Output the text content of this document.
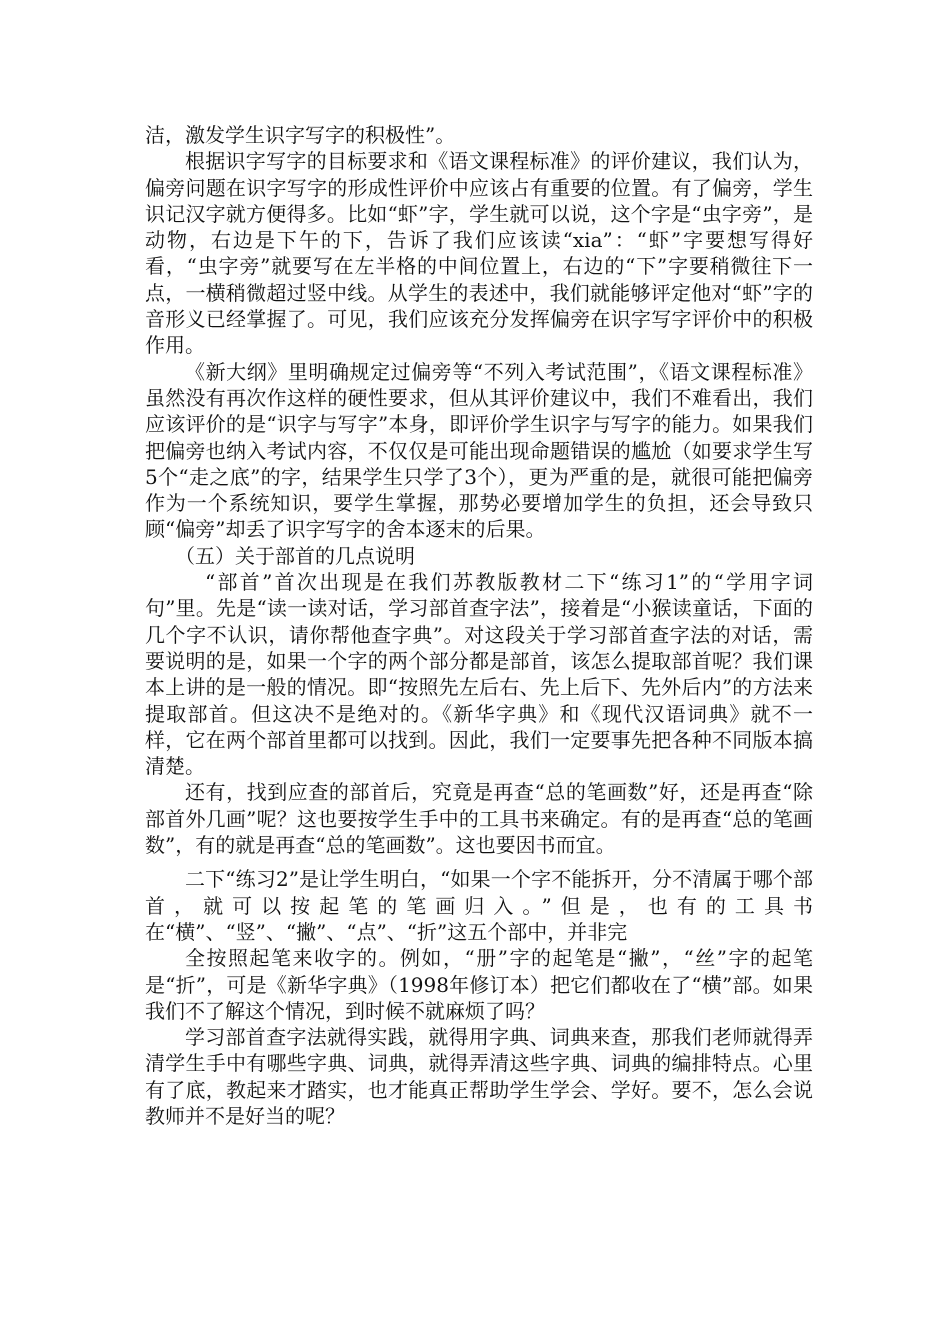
洁，激发学生识字写字的积极性”。

根据识字写字的目标要求和《语文课程标准》的评价建议，我们认为，偏旁问题在识字写字的形成性评价中应该占有重要的位置。有了偏旁，学生识记汉字就方便得多。比如“虾”字，学生就可以说，这个字是“虫字旁”，是动物，右边是下午的下，告诉了我们应该读“xia”：“虾”字要想写得好看，“虫字旁”就要写在左半格的中间位置上，右边的“下”字要稍微往下一点，一横稍微超过竖中线。从学生的表述中，我们就能够评定他对“虾”字的音形义已经掌握了。可见，我们应该充分发挥偏旁在识字写字评价中的积极作用。

《新大纲》里明确规定过偏旁等“不列入考试范围”，《语文课程标准》虽然没有再次作这样的硬性要求，但从其评价建议中，我们不难看出，我们应该评价的是“识字与写字”本身，即评价学生识字与写字的能力。如果我们把偏旁也纳入考试内容，不仅仅是可能出现命题错误的尴尬（如要求学生写5个“走之底”的字，结果学生只学了3个），更为严重的是，就很可能把偏旁作为一个系统知识，要学生掌握，那势必要增加学生的负担，还会导致只顾“偏旁”却丢了识字写字的舍本逐末的后果。

（五）关于部首的几点说明

“部首”首次出现是在我们苏教版教材二下“练习1”的“学用字词句”里。先是“读一读对话，学习部首查字法”，接着是“小猴读童话，下面的几个字不认识，请你帮他查字典”。对这段关于学习部首查字法的对话，需要说明的是，如果一个字的两个部分都是部首，该怎么提取部首呢？我们课本上讲的是一般的情况。即“按照先左后右、先上后下、先外后内”的方法来提取部首。但这决不是绝对的。《新华字典》和《现代汉语词典》就不一样，它在两个部首里都可以找到。因此，我们一定要事先把各种不同版本搞清楚。

还有，找到应查的部首后，究竟是再查“总的笔画数”好，还是再查“除部首外几画”呢？这也要按学生手中的工具书来确定。有的是再查“总的笔画数”，有的就是再查“总的笔画数”。这也要因书而宜。

二下“练习2”是让学生明白，“如果一个字不能拆开，分不清属于哪个部首，就可以按起笔的笔画归入。”但是，也有的工具书在“横”、“竖”、“撇”、“点”、“折”这五个部中，并非完

全按照起笔来收字的。例如，“册”字的起笔是“撇”，“丝”字的起笔是“折”，可是《新华字典》（1998年修订本）把它们都收在了“横”部。如果我们不了解这个情况，到时候不就麻烦了吗？

学习部首查字法就得实践，就得用字典、词典来查，那我们老师就得弄清学生手中有哪些字典、词典，就得弄清这些字典、词典的编排特点。心里有了底，教起来才踏实，也才能真正帮助学生学会、学好。要不，怎么会说教师并不是好当的呢？
